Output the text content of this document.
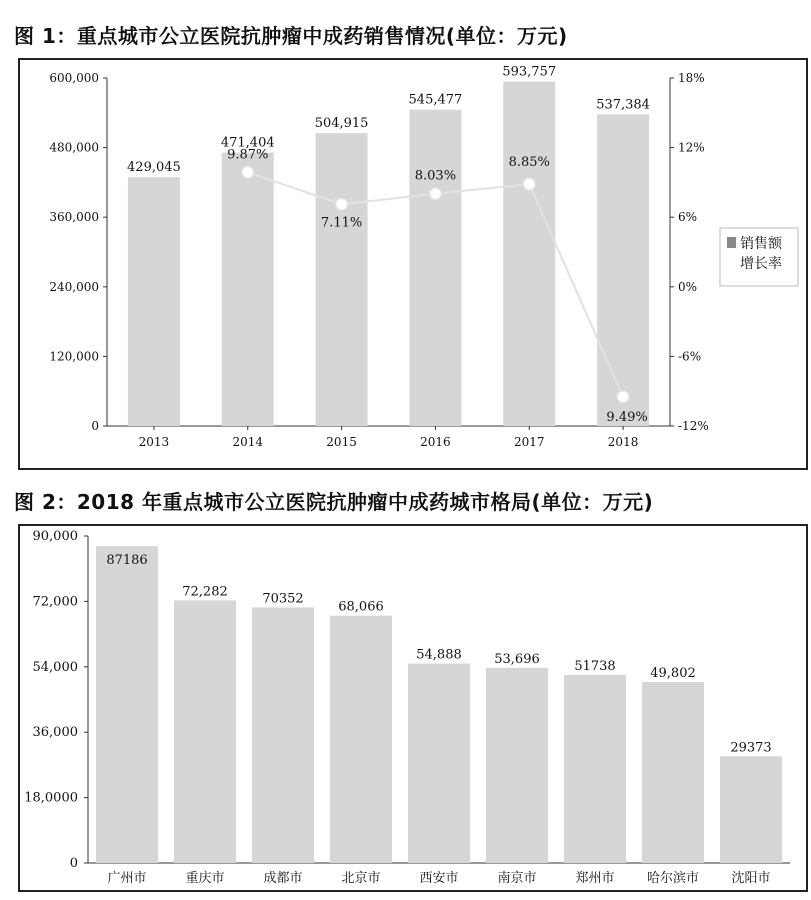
图 1：重点城市公立医院抗肿瘤中成药销售情况(单位：万元)
0
120,000
240,000
360,000
480,000
600,000
-12%
-6%
0%
6%
12%
18%
429,045
471,404
504,915
545,477
593,757
537,384
2013	2014	2015	2016	2017	2018
9.87%
7.11%
8.03%
8.85%
9.49%
销售额
增长率
图 2：2018 年重点城市公立医院抗肿瘤中成药城市格局(单位：万元)
0
18,0000
36,000
54,000
72,000
90,000
87186
72,282	70352
68,066
54,888	53,696	51738	49,802
29373
广州市	重庆市	成都市	北京市	西安市	南京市	郑州市 哈尔滨市 沈阳市
